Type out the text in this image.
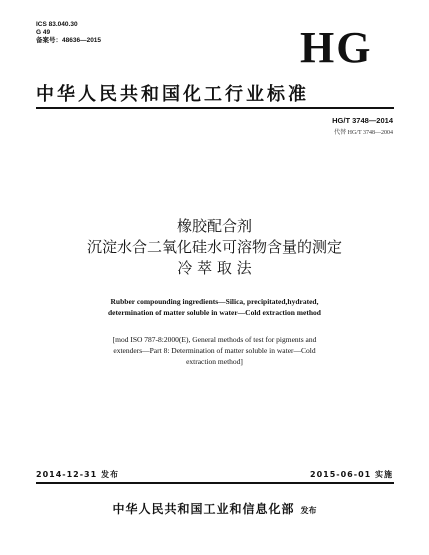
ICS 83.040.30
G 49
备案号：48636—2015	HG
中华人民共和国化工行业标准
HG/T 3748—2014
代替 HG/T 3748—2004
橡胶配合剂
沉淀水合二氧化硅水可溶物含量的测定
冷 萃 取 法
Rubber compounding ingredients—Silica, precipitated,hydrated,
determination of matter soluble in water—Cold extraction method
[mod ISO 787-8:2000(E), General methods of test for pigments and
extenders—Part 8: Determination of matter soluble in water—Cold
extraction method]
2014-12-31 发布	2015-06-01 实施
中华人民共和国工业和信息化部 发布
